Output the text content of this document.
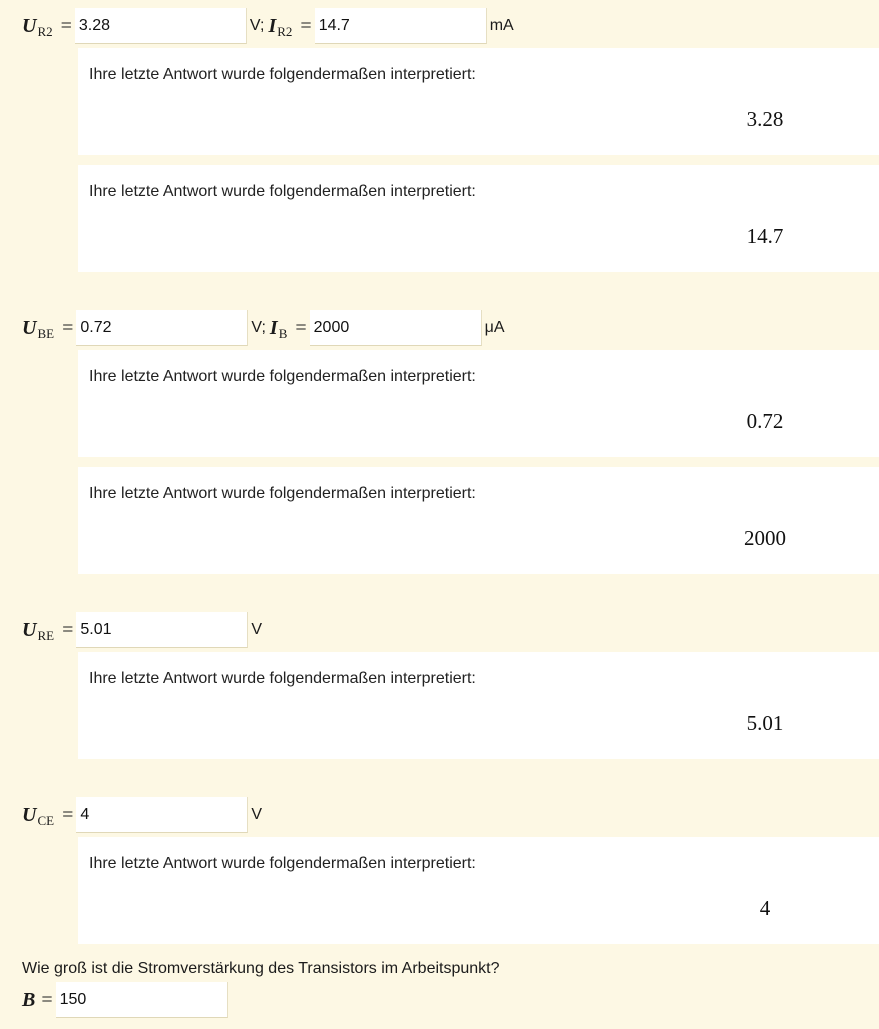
U R2 =
3.28	V; I R2 =
14.7	mA
Ihre letzte Antwort wurde folgendermaßen interpretiert:
3.28
Ihre letzte Antwort wurde folgendermaßen interpretiert:
14.7
U BE =
0.72	V; I B =
2000	μA
Ihre letzte Antwort wurde folgendermaßen interpretiert:
0.72
Ihre letzte Antwort wurde folgendermaßen interpretiert:
2000
U RE =
5.01	V
Ihre letzte Antwort wurde folgendermaßen interpretiert:
5.01
U CE =
4	V
Ihre letzte Antwort wurde folgendermaßen interpretiert:
4
Wie groß ist die Stromverstärkung des Transistors im Arbeitspunkt?
B =
150
